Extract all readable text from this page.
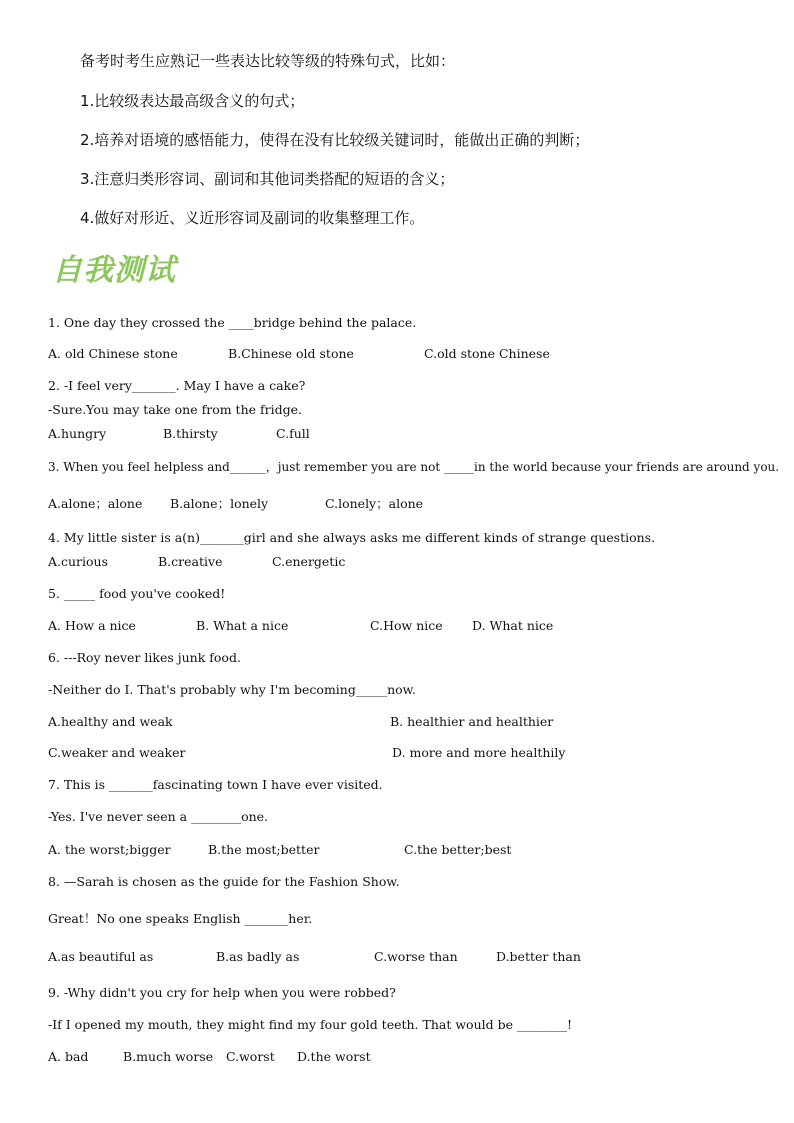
备考时考生应熟记一些表达比较等级的特殊句式，比如：
1.比较级表达最高级含义的句式；
2.培养对语境的感悟能力，使得在没有比较级关键词时，能做出正确的判断；
3.注意归类形容词、副词和其他词类搭配的短语的含义；
4.做好对形近、义近形容词及副词的收集整理工作。
自我测试
1. One day they crossed the ____bridge behind the palace.
A. old Chinese stone	B.Chinese old stone	C.old stone Chinese
2. -I feel very_______. May I have a cake?
-Sure.You may take one from the fridge.
A.hungry	B.thirsty	C.full
3. When you feel helpless and______，just remember you are not _____in the world because your friends are around you.
A.alone；alone B.alone；lonely	C.lonely；alone
4. My little sister is a(n)_______girl and she always asks me different kinds of strange questions.
A.curious	B.creative	C.energetic
5. _____ food you've cooked!
A. How a nice	B. What a nice	C.How nice D. What nice
6. ---Roy never likes junk food.
-Neither do I. That's probably why I'm becoming_____now.
A.healthy and weak	B. healthier and healthier
C.weaker and weaker	D. more and more healthily
7. This is _______fascinating town I have ever visited.
-Yes. I've never seen a ________one.
A. the worst;bigger	B.the most;better	C.the better;best
8. —Sarah is chosen as the guide for the Fashion Show.
Great！No one speaks English _______her.
A.as beautiful as	B.as badly as	C.worse than	D.better than
9. -Why didn't you cry for help when you were robbed?
-If I opened my mouth, they might find my four gold teeth. That would be ________!
A. bad	B.much worse C.worst D.the worst
